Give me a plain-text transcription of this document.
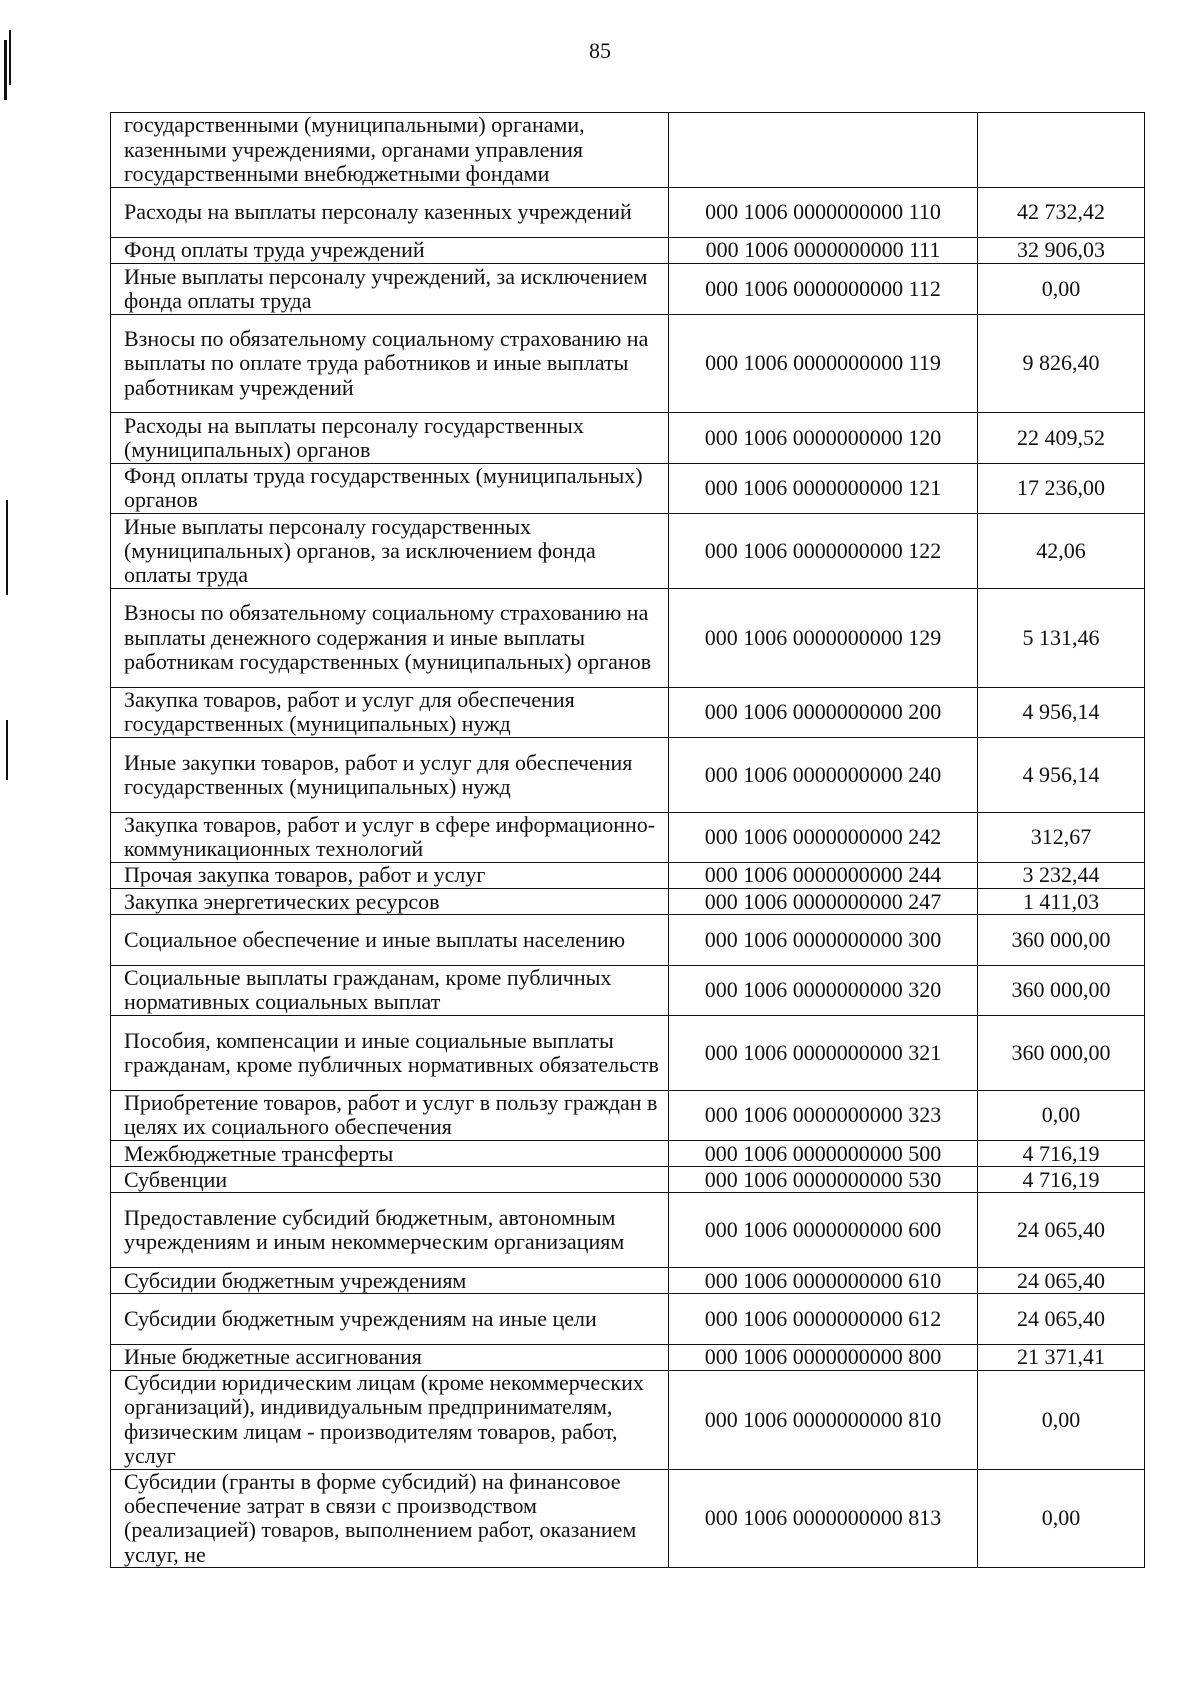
85
государственными (муниципальными) органами, казенными учреждениями, органами управления государственными внебюджетными фондами		
Расходы на выплаты персоналу казенных учреждений	000 1006 0000000000 110	42 732,42
Фонд оплаты труда учреждений	000 1006 0000000000 111	32 906,03
Иные выплаты персоналу учреждений, за исключением фонда оплаты труда	000 1006 0000000000 112	0,00
Взносы по обязательному социальному страхованию на выплаты по оплате труда работников и иные выплаты работникам учреждений	000 1006 0000000000 119	9 826,40
Расходы на выплаты персоналу государственных (муниципальных) органов	000 1006 0000000000 120	22 409,52
Фонд оплаты труда государственных (муниципальных) органов	000 1006 0000000000 121	17 236,00
Иные выплаты персоналу государственных (муниципальных) органов, за исключением фонда оплаты труда	000 1006 0000000000 122	42,06
Взносы по обязательному социальному страхованию на выплаты денежного содержания и иные выплаты работникам государственных (муниципальных) органов	000 1006 0000000000 129	5 131,46
Закупка товаров, работ и услуг для обеспечения государственных (муниципальных) нужд	000 1006 0000000000 200	4 956,14
Иные закупки товаров, работ и услуг для обеспечения государственных (муниципальных) нужд	000 1006 0000000000 240	4 956,14
Закупка товаров, работ и услуг в сфере информационно-коммуникационных технологий	000 1006 0000000000 242	312,67
Прочая закупка товаров, работ и услуг	000 1006 0000000000 244	3 232,44
Закупка энергетических ресурсов	000 1006 0000000000 247	1 411,03
Социальное обеспечение и иные выплаты населению	000 1006 0000000000 300	360 000,00
Социальные выплаты гражданам, кроме публичных нормативных социальных выплат	000 1006 0000000000 320	360 000,00
Пособия, компенсации и иные социальные выплаты гражданам, кроме публичных нормативных обязательств	000 1006 0000000000 321	360 000,00
Приобретение товаров, работ и услуг в пользу граждан в целях их социального обеспечения	000 1006 0000000000 323	0,00
Межбюджетные трансферты	000 1006 0000000000 500	4 716,19
Субвенции	000 1006 0000000000 530	4 716,19
Предоставление субсидий бюджетным, автономным учреждениям и иным некоммерческим организациям	000 1006 0000000000 600	24 065,40
Субсидии бюджетным учреждениям	000 1006 0000000000 610	24 065,40
Субсидии бюджетным учреждениям на иные цели	000 1006 0000000000 612	24 065,40
Иные бюджетные ассигнования	000 1006 0000000000 800	21 371,41
Субсидии юридическим лицам (кроме некоммерческих организаций), индивидуальным предпринимателям, физическим лицам - производителям товаров, работ, услуг	000 1006 0000000000 810	0,00
Субсидии (гранты в форме субсидий) на финансовое обеспечение затрат в связи с производством (реализацией) товаров, выполнением работ, оказанием услуг, не	000 1006 0000000000 813	0,00
